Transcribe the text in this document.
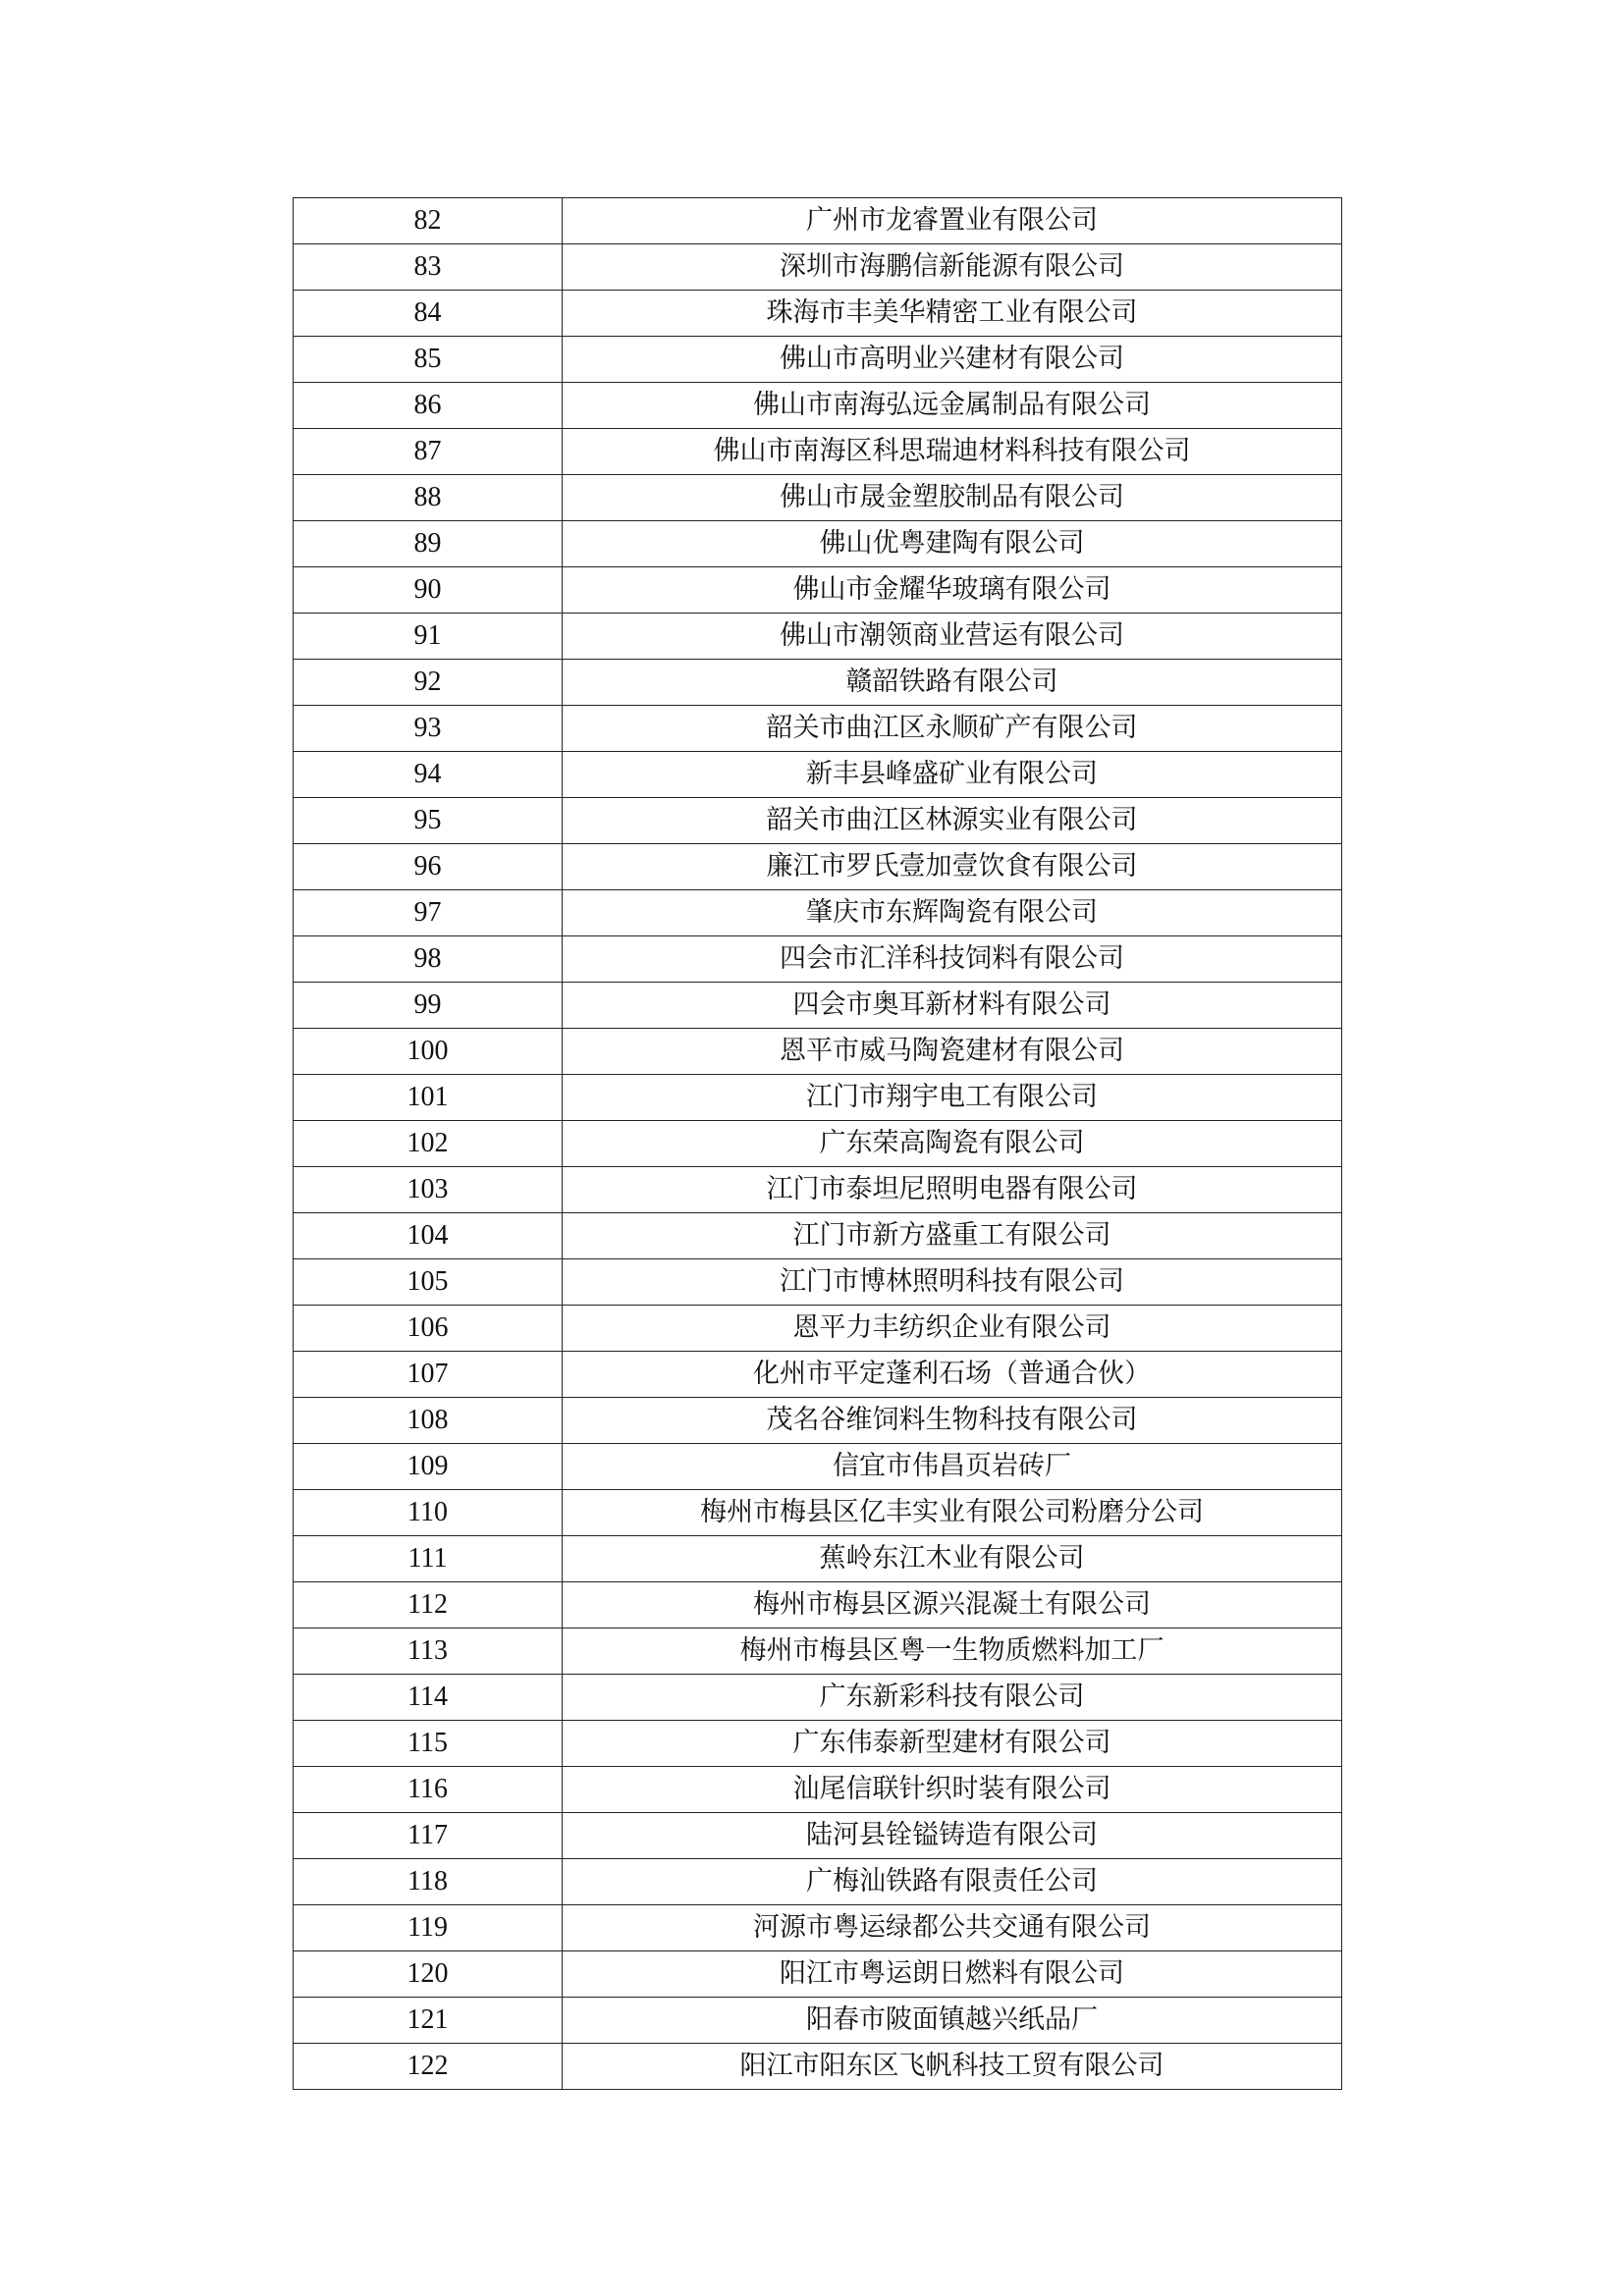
82	广州市龙睿置业有限公司
83	深圳市海鹏信新能源有限公司
84	珠海市丰美华精密工业有限公司
85	佛山市高明业兴建材有限公司
86	佛山市南海弘远金属制品有限公司
87	佛山市南海区科思瑞迪材料科技有限公司
88	佛山市晟金塑胶制品有限公司
89	佛山优粤建陶有限公司
90	佛山市金耀华玻璃有限公司
91	佛山市潮领商业营运有限公司
92	赣韶铁路有限公司
93	韶关市曲江区永顺矿产有限公司
94	新丰县峰盛矿业有限公司
95	韶关市曲江区林源实业有限公司
96	廉江市罗氏壹加壹饮食有限公司
97	肇庆市东辉陶瓷有限公司
98	四会市汇洋科技饲料有限公司
99	四会市奥耳新材料有限公司
100	恩平市威马陶瓷建材有限公司
101	江门市翔宇电工有限公司
102	广东荣高陶瓷有限公司
103	江门市泰坦尼照明电器有限公司
104	江门市新方盛重工有限公司
105	江门市博林照明科技有限公司
106	恩平力丰纺织企业有限公司
107	化州市平定蓬利石场（普通合伙）
108	茂名谷维饲料生物科技有限公司
109	信宜市伟昌页岩砖厂
110	梅州市梅县区亿丰实业有限公司粉磨分公司
111	蕉岭东江木业有限公司
112	梅州市梅县区源兴混凝土有限公司
113	梅州市梅县区粤一生物质燃料加工厂
114	广东新彩科技有限公司
115	广东伟泰新型建材有限公司
116	汕尾信联针织时装有限公司
117	陆河县铨镒铸造有限公司
118	广梅汕铁路有限责任公司
119	河源市粤运绿都公共交通有限公司
120	阳江市粤运朗日燃料有限公司
121	阳春市陂面镇越兴纸品厂
122	阳江市阳东区飞帆科技工贸有限公司
